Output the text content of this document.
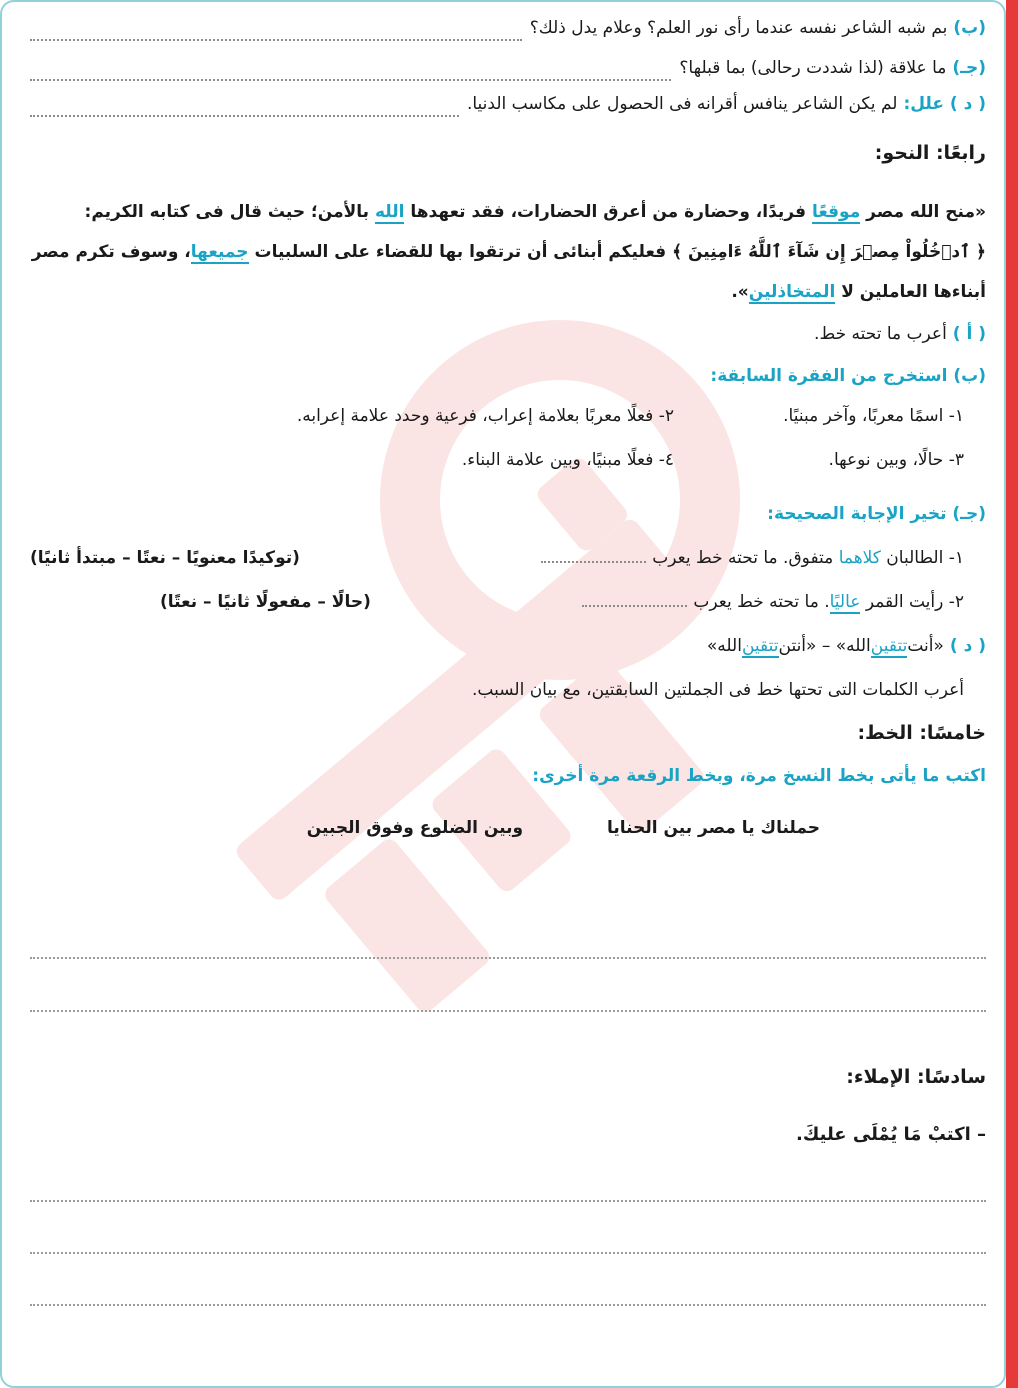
(ب)
بم شبه الشاعر نفسه عندما رأى نور العلم؟ وعلام يدل ذلك؟
(جـ)
ما علاقة (لذا شددت رحالى) بما قبلها؟
( د ) علل:
لم يكن الشاعر ينافس أقرانه فى الحصول على مكاسب الدنيا.
رابعًا: النحو:
«منح الله مصر موقعًا فريدًا، وحضارة من أعرق الحضارات، فقد تعهدها الله بالأمن؛ حيث قال فى كتابه الكريم:
﴿ ٱدۡخُلُواْ مِصۡرَ إِن شَآءَ ٱللَّهُ ءَامِنِينَ ﴾ فعليكم أبنائى أن ترتقوا بها للقضاء على السلبيات جميعها، وسوف تكرم مصر
أبناءها العاملين لا المتخاذلين».
( أ )
أعرب ما تحته خط.
(ب) استخرج من الفقرة السابقة:
١- اسمًا معربًا، وآخر مبنيًا.
٢- فعلًا معربًا بعلامة إعراب، فرعية وحدد علامة إعرابه.
٣- حالًا، وبين نوعها.
٤- فعلًا مبنيًا، وبين علامة البناء.
(جـ) تخير الإجابة الصحيحة:
١- الطالبان كلاهما متفوق. ما تحته خط يعرب
(توكيدًا معنويًا – نعتًا – مبتدأ ثانيًا)
٢- رأيت القمر عاليًا. ما تحته خط يعرب
(حالًا – مفعولًا ثانيًا – نعتًا)
( د )
«أنت
تتقين
الله» – «أنتن
تتقين
الله»
أعرب الكلمات التى تحتها خط فى الجملتين السابقتين، مع بيان السبب.
خامسًا: الخط:
اكتب ما يأتى بخط النسخ مرة، وبخط الرقعة مرة أخرى:
حملناك يا مصر بين الحنايا
وبين الضلوع وفوق الجبين
سادسًا: الإملاء:
– اكتبْ مَا يُمْلَى عليكَ.
